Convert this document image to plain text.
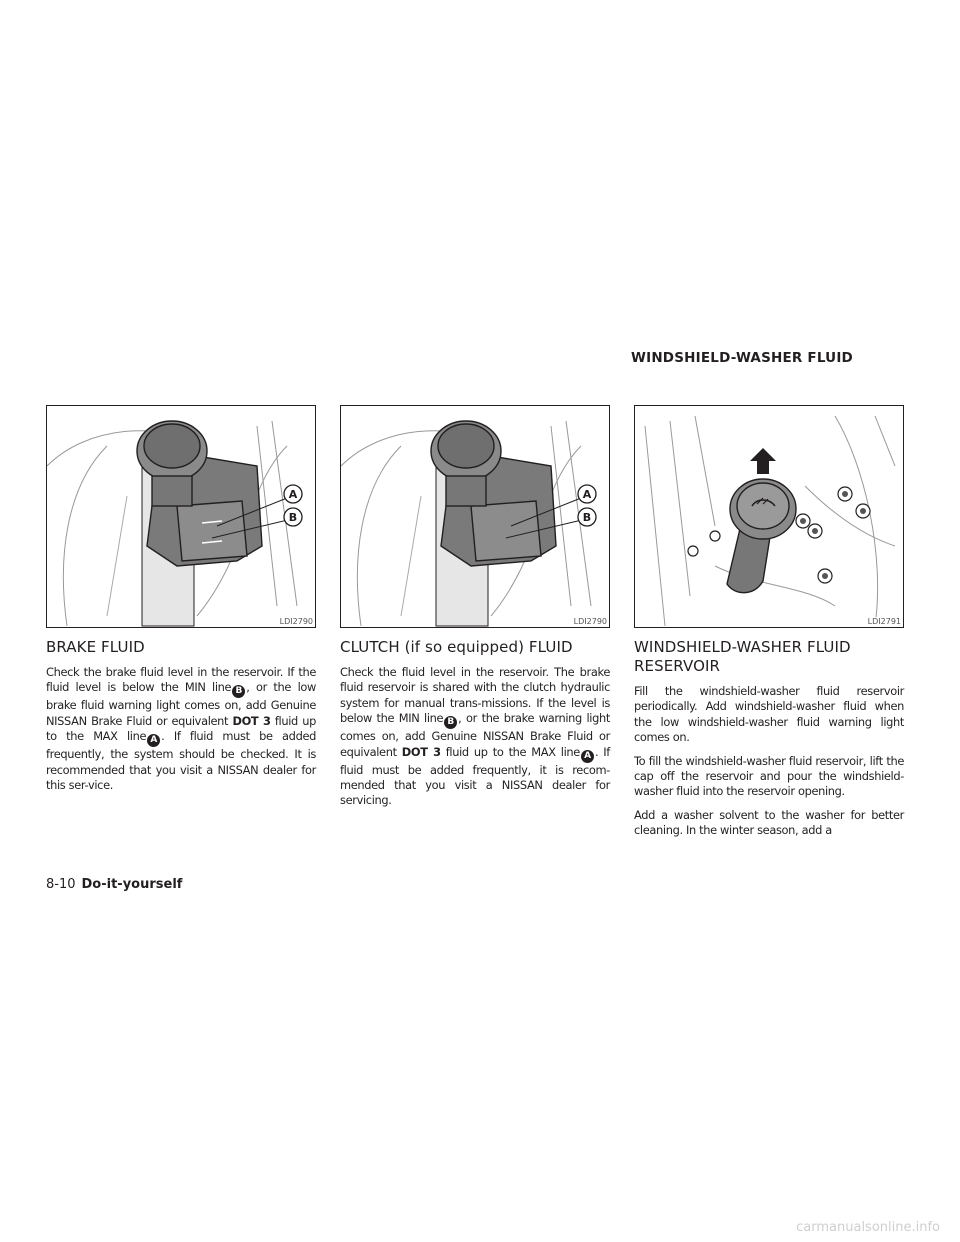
WINDSHIELD-WASHER FLUID
A
B
LDI2790
BRAKE FLUID

Check the brake fluid level in the reservoir. If the fluid level is below the MIN line B , or the low brake fluid warning light comes on, add Genuine NISSAN Brake Fluid or equivalent DOT 3 fluid up to the MAX line A . If fluid must be added frequently, the system should be checked. It is recommended that you visit a NISSAN dealer for this ser-vice.

A
B
LDI2790
CLUTCH (if so equipped) FLUID

Check the fluid level in the reservoir. The brake fluid reservoir is shared with the clutch hydraulic system for manual trans-missions. If the level is below the MIN line B , or the brake warning light comes on, add Genuine NISSAN Brake Fluid or equivalent DOT 3 fluid up to the MAX line A . If fluid must be added frequently, it is recom-mended that you visit a NISSAN dealer for servicing.

LDI2791
WINDSHIELD-WASHER FLUID RESERVOIR

Fill the windshield-washer fluid reservoir periodically. Add windshield-washer fluid when the low windshield-washer fluid warning light comes on.

To fill the windshield-washer fluid reservoir, lift the cap off the reservoir and pour the windshield-washer fluid into the reservoir opening.

Add a washer solvent to the washer for better cleaning. In the winter season, add a

8-10 Do-it-yourself
carmanualsonline.info
